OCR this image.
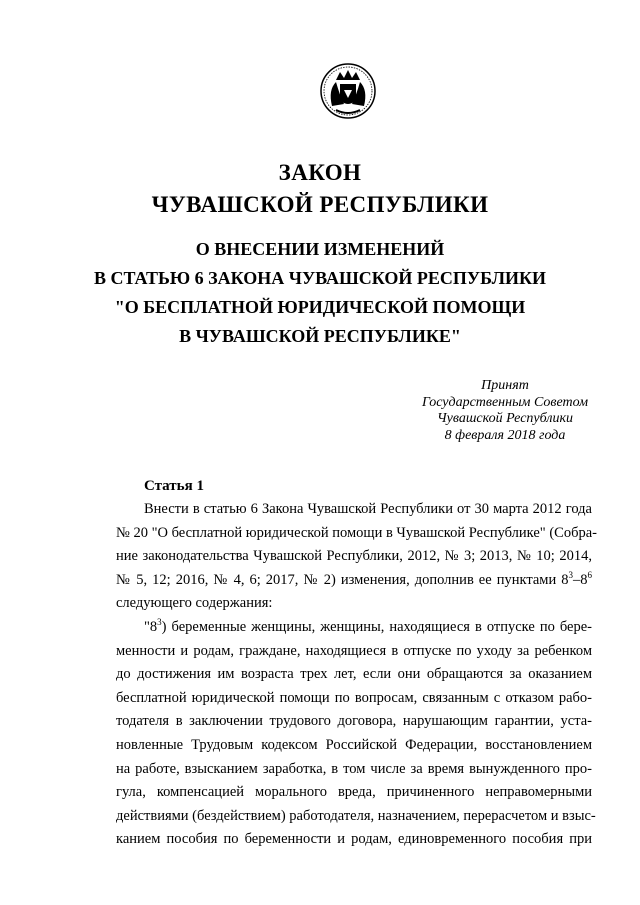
ЗАКОН
ЧУВАШСКОЙ РЕСПУБЛИКИ
О ВНЕСЕНИИ ИЗМЕНЕНИЙ
В СТАТЬЮ 6 ЗАКОНА ЧУВАШСКОЙ РЕСПУБЛИКИ
"О БЕСПЛАТНОЙ ЮРИДИЧЕСКОЙ ПОМОЩИ
В ЧУВАШСКОЙ РЕСПУБЛИКЕ"
Принят
Государственным Советом
Чувашской Республики
8 февраля 2018 года
Статья 1
Внести в статью 6 Закона Чувашской Республики от 30 марта 2012 года
№ 20 "О бесплатной юридической помощи в Чувашской Республике" (Собра-
ние законодательства Чувашской Республики, 2012, № 3; 2013, № 10; 2014,
№ 5, 12; 2016, № 4, 6; 2017, № 2) изменения, дополнив ее пунктами $8^3-8^6$
следующего содержания:
"$8^3$) беременные женщины, женщины, находящиеся в отпуске по бере-
менности и родам, граждане, находящиеся в отпуске по уходу за ребенком
до достижения им возраста трех лет, если они обращаются за оказанием
бесплатной юридической помощи по вопросам, связанным с отказом рабо-
тодателя в заключении трудового договора, нарушающим гарантии, уста-
новленные Трудовым кодексом Российской Федерации, восстановлением
на работе, взысканием заработка, в том числе за время вынужденного про-
гула, компенсацией морального вреда, причиненного неправомерными
действиями (бездействием) работодателя, назначением, перерасчетом и взыс-
канием пособия по беременности и родам, единовременного пособия при
